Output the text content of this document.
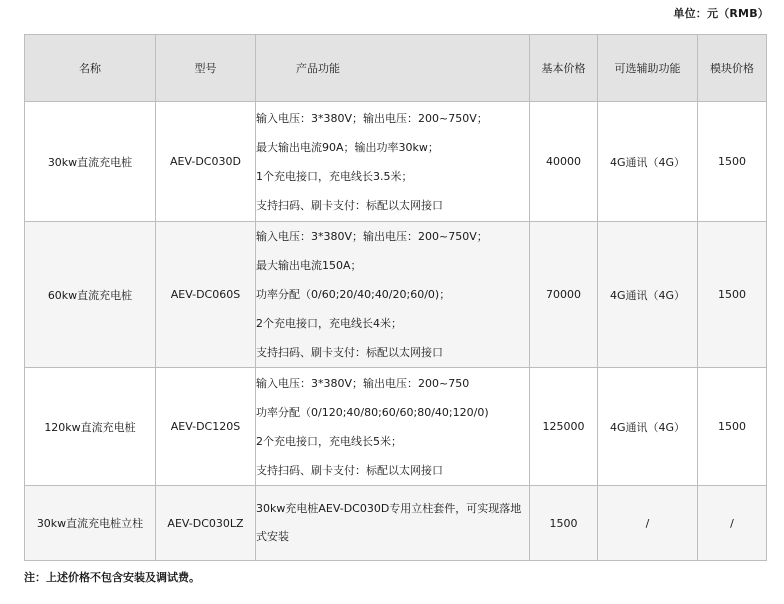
单位：元（RMB）
名称	型号	产品功能	基本价格	可选辅助功能	模块价格
30kw直流充电桩	AEV-DC030D	输入电压：3*380V；输出电压：200~750V；
最大输出电流90A；输出功率30kw；
1个充电接口，充电线长3.5米；
支持扫码、刷卡支付：标配以太网接口	40000	4G通讯（4G）	1500
60kw直流充电桩	AEV-DC060S	输入电压：3*380V；输出电压：200~750V；
最大输出电流150A；
功率分配（0/60;20/40;40/20;60/0)；
2个充电接口，充电线长4米；
支持扫码、刷卡支付：标配以太网接口	70000	4G通讯（4G）	1500
120kw直流充电桩	AEV-DC120S	输入电压：3*380V；输出电压：200~750
功率分配（0/120;40/80;60/60;80/40;120/0)
2个充电接口，充电线长5米；
支持扫码、刷卡支付：标配以太网接口	125000	4G通讯（4G）	1500
30kw直流充电桩立柱	AEV-DC030LZ	30kw充电桩AEV-DC030D专用立柱套件，可实现落地式安装	1500	/	/
注：上述价格不包含安装及调试费。
